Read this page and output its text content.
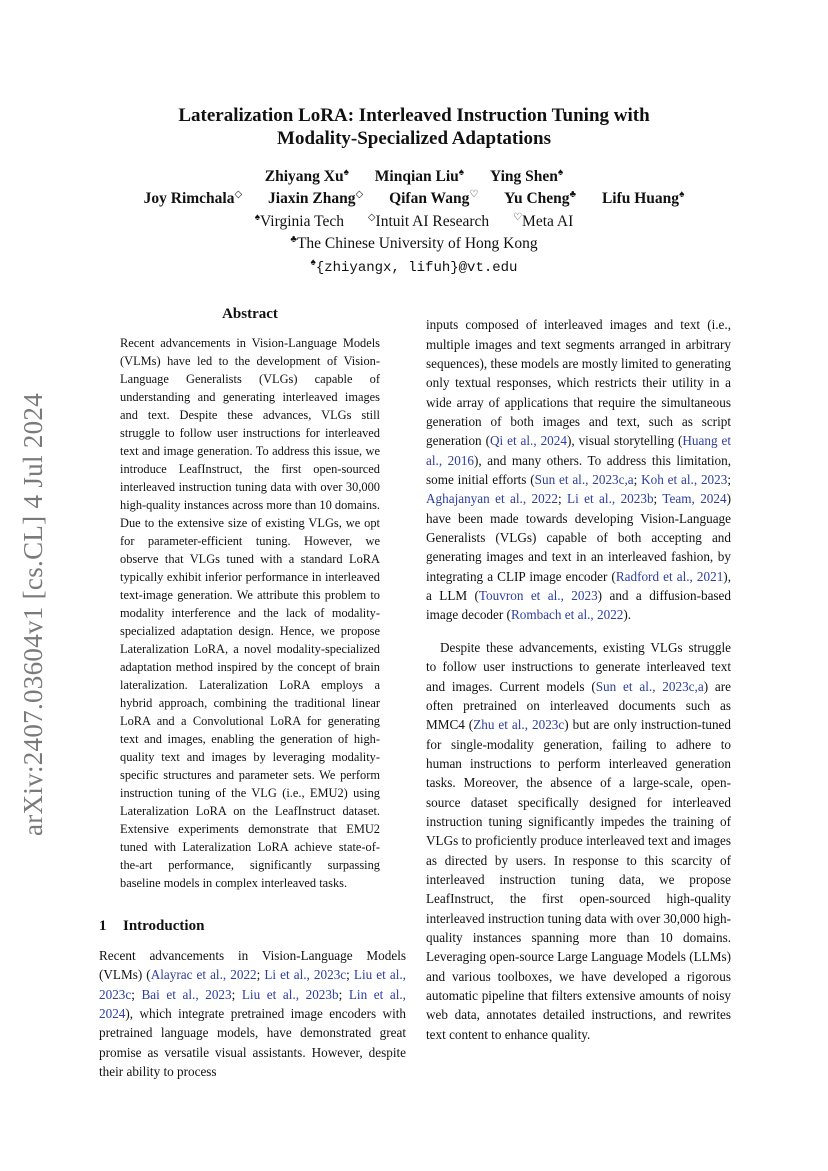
arXiv:2407.03604v1 [cs.CL] 4 Jul 2024
Lateralization LoRA: Interleaved Instruction Tuning with
Modality-Specialized Adaptations
Zhiyang Xu♠ Minqian Liu♠ Ying Shen♠
Joy Rimchala◇ Jiaxin Zhang◇ Qifan Wang♡ Yu Cheng♣ Lifu Huang♠
♠Virginia Tech ◇Intuit AI Research ♡Meta AI
♣The Chinese University of Hong Kong
♠{zhiyangx, lifuh}@vt.edu
Abstract

Recent advancements in Vision-Language Models (VLMs) have led to the development of Vision-Language Generalists (VLGs) capable of understanding and generating interleaved images and text. Despite these advances, VLGs still struggle to follow user instructions for interleaved text and image generation. To address this issue, we introduce LeafInstruct, the first open-sourced interleaved instruction tuning data with over 30,000 high-quality instances across more than 10 domains. Due to the extensive size of existing VLGs, we opt for parameter-efficient tuning. However, we observe that VLGs tuned with a standard LoRA typically exhibit inferior performance in interleaved text-image generation. We attribute this problem to modality interference and the lack of modality-specialized adaptation design. Hence, we propose Lateralization LoRA, a novel modality-specialized adaptation method inspired by the concept of brain lateralization. Lateralization LoRA employs a hybrid approach, combining the traditional linear LoRA and a Convolutional LoRA for generating text and images, enabling the generation of high-quality text and images by leveraging modality-specific structures and parameter sets. We perform instruction tuning of the VLG (i.e., EMU2) using Lateralization LoRA on the LeafInstruct dataset. Extensive experiments demonstrate that EMU2 tuned with Lateralization LoRA achieve state-of-the-art performance, significantly surpassing baseline models in complex interleaved tasks.

1 Introduction
Recent advancements in Vision-Language Models (VLMs) (Alayrac et al., 2022; Li et al., 2023c; Liu et al., 2023c; Bai et al., 2023; Liu et al., 2023b; Lin et al., 2024), which integrate pretrained image encoders with pretrained language models, have demonstrated great promise as versatile visual assistants. However, despite their ability to process

inputs composed of interleaved images and text (i.e., multiple images and text segments arranged in arbitrary sequences), these models are mostly limited to generating only textual responses, which restricts their utility in a wide array of applications that require the simultaneous generation of both images and text, such as script generation (Qi et al., 2024), visual storytelling (Huang et al., 2016), and many others. To address this limitation, some initial efforts (Sun et al., 2023c,a; Koh et al., 2023; Aghajanyan et al., 2022; Li et al., 2023b; Team, 2024) have been made towards developing Vision-Language Generalists (VLGs) capable of both accepting and generating images and text in an interleaved fashion, by integrating a CLIP image encoder (Radford et al., 2021), a LLM (Touvron et al., 2023) and a diffusion-based image decoder (Rombach et al., 2022).

Despite these advancements, existing VLGs struggle to follow user instructions to generate interleaved text and images. Current models (Sun et al., 2023c,a) are often pretrained on interleaved documents such as MMC4 (Zhu et al., 2023c) but are only instruction-tuned for single-modality generation, failing to adhere to human instructions to perform interleaved generation tasks. Moreover, the absence of a large-scale, open-source dataset specifically designed for interleaved instruction tuning significantly impedes the training of VLGs to proficiently produce interleaved text and images as directed by users. In response to this scarcity of interleaved instruction tuning data, we propose LeafInstruct, the first open-sourced high-quality interleaved instruction tuning data with over 30,000 high-quality instances spanning more than 10 domains. Leveraging open-source Large Language Models (LLMs) and various toolboxes, we have developed a rigorous automatic pipeline that filters extensive amounts of noisy web data, annotates detailed instructions, and rewrites text content to enhance quality.
